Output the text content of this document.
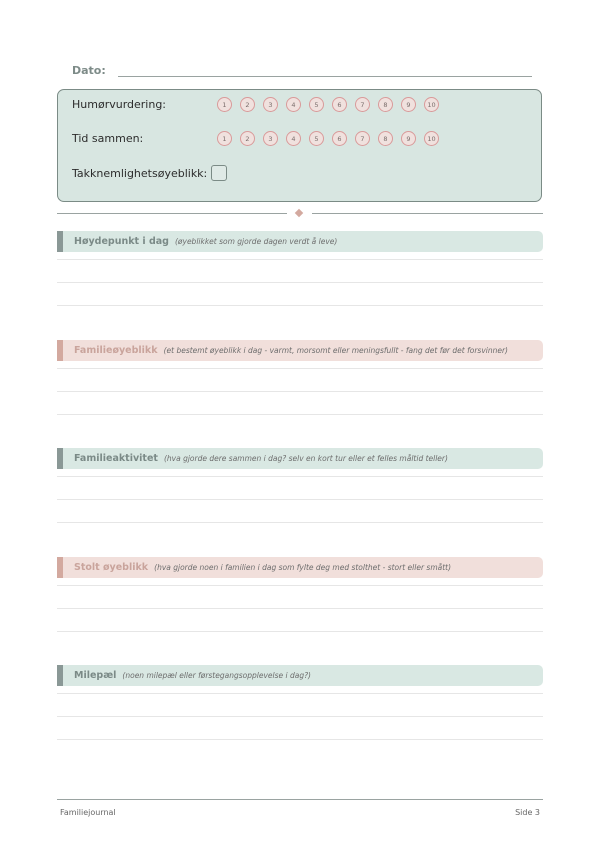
Dato:
Humørvurdering:	1	2	3	4	5	6	7	8	9	10
Tid sammen:	1	2	3	4	5	6	7	8	9	10
Takknemlighetsøyeblikk:
Høydepunkt i dag (øyeblikket som gjorde dagen verdt å leve)
Familieøyeblikk (et bestemt øyeblikk i dag - varmt, morsomt eller meningsfullt - fang det før det forsvinner)
Familieaktivitet (hva gjorde dere sammen i dag? selv en kort tur eller et felles måltid teller)
Stolt øyeblikk (hva gjorde noen i familien i dag som fylte deg med stolthet - stort eller smått)
Milepæl (noen milepæl eller førstegangsopplevelse i dag?)
Familiejournal	Side 3
